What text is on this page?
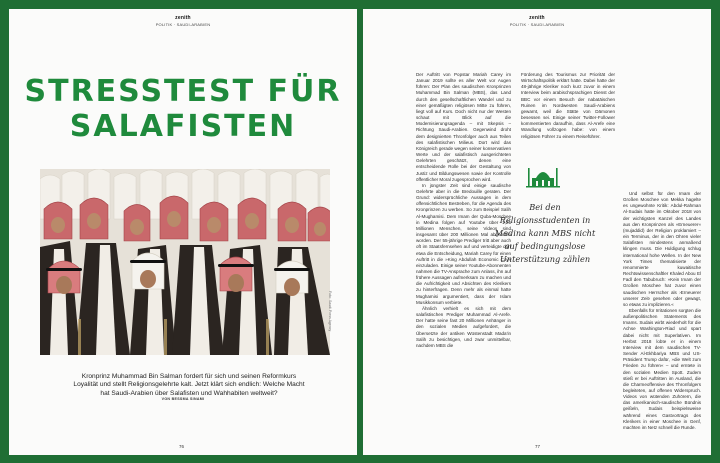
zenith
POLITIK · SAUDI-ARABIEN
STRESSTEST FÜR
SALAFISTEN
Foto: Saudi Press Agency

Kronprinz Muhammad Bin Salman fordert für sich und seinen Reformkurs Loyalität und stellt Religionsgelehrte kalt. Jetzt klärt sich endlich: Welche Macht hat Saudi-Arabien über Salafisten und Wahhabiten weltweit?

VON BESSMA SINAMI
76
zenith
POLITIK · SAUDI-ARABIEN

Der Auftritt von Popstar Mariah Carey im Januar 2019 sollte es aller Welt vor Augen führen: Der Plan des saudischen Kronprinzen Muhammad Bin Salman (MBS), das Land durch den gesellschaftlichen Wandel und zu einer gemäßigten religiösen Mitte zu führen, liegt voll auf Kurs. Doch nicht nur der Westen schaut mit Blick auf die Modernisierungsagenda – mit Skepsis – Richtung Saudi-Arabien. Gegenwind droht dem designierten Thronfolger auch aus Teilen des salafistischen Milieus. Dort wird das Königreich gerade wegen seiner konservativen Werte und der salafistisch ausgerichteten Gelehrten geschätzt, denen eine entscheidende Rolle bei der Gestaltung von Justiz und Bildungswesen sowie der Kontrolle öffentlicher Moral zugesprochen wird.

In jüngster Zeit sind einige saudische Gelehrte aber in die Bredouille geraten. Der Grund: widersprüchliche Aussagen in dem offensichtlichen Bestreben, für die Agenda des Kronprinzen zu werben. So zum Beispiel Salih Al-Mughamisi. Dem Imam der Quba-Moschee in Medina folgen auf Youtube über 1,25 Millionen Menschen, seine Videos sind insgesamt über 200 Millionen Mal abgerufen worden. Der 55-jährige Prediger tritt aber auch oft im Staatsfernsehen auf und verteidigte dort etwa die Entscheidung, Mariah Carey für einen Auftritt in die »King Abdullah Economic City« einzuladen. Einige seiner Youtube-Abonnenten nahmen die TV-Ansprache zum Anlass, ihn auf frühere Aussagen aufmerksam zu machen und die Aufrichtigkeit und Absichten des Klerikers zu hinterfragen. Denn mehr als einmal hatte Mughamisi argumentiert, dass der Islam Musikkonsum verbiete.

Ähnlich verhielt es sich mit dem salafistischen Prediger Muhammad Al-Arefe. Der hatte seine fast 20 Millionen Anhänger in den sozialen Medien aufgefordert, die Übersetzte der antiken Wüstenstadt Mada'in Salih zu besichtigen, und zwar unmittelbar, nachdem MBS die

Förderung des Tourismus zur Priorität der Wirtschaftspolitik erklärt hatte. Dabei hatte der 48-jährige Kleriker noch kurz zuvor in einem Interview beim arabischsprachigen Dienst der BBC vor einem Besuch der nabatäischen Ruinen im Nordwesten Saudi-Arabiens gewarnt, weil die Stätte von Dämonen besessen sei. Einige seiner Twitter-Follower kommentierten daraufhin, dass Al-Arefe eine Wandlung vollzogen habe: von einem religiösen Führer zu einem Reiseführer.

Bei den Religionsstudenten in Medina kann MBS nicht auf bedingungslose Unterstützung zählen

Und selbst für den Imam der Großen Moschee von Mekka hagelte es ungewohnte Kritik: Abdul-Rahman Al-Sudais hatte im Oktober 2018 von der wichtigsten Kanzel des Landes aus den Kronprinzen als »Erneuerer« (mujaddid) der Religion proklamiert – ein Terminus, der in den Ohren vieler Salafisten mindestens anmaßend klingen muss. Die Huldigung schlug international hohe Wellen. In der New York Times thematisierte der renommierte kuwaitische Rechtswissenschaftler Khaled Abou El Fadl den Tabubruch: »Kein Imam der Großen Moschee hat zuvor einen saudischen Herrscher als ›Erneuerer unserer Zeit‹ gesehen oder gewagt, so etwas zu implizieren.«

Ebenfalls für Irritationen sorgten die außenpolitischen Statements des Imams. Sudais wirbt wiederholt für die Achse Washington-Riad und spart dabei nicht mit Superlativen. Im Herbst 2018 lobte er in einem Interview mit dem saudischen TV-Sender Al-Ekhbariya MBS und US-Präsident Trump dafür, »die Welt zum Frieden zu führen« – und erntete in den sozialen Medien Spott. Zudem stieß er bei Auftritten im Ausland, die die Charmeoffensive des Thronfolgers begleiteten, auf offenen Widerspruch. Videos von wütenden Zuhörern, die das amerikanisch-saudische Bündnis geißeln, Sudais beispielsweise während eines Gastvortrags des Klerikers in einer Moschee in Genf, machten im Netz schnell die Runde.

77
